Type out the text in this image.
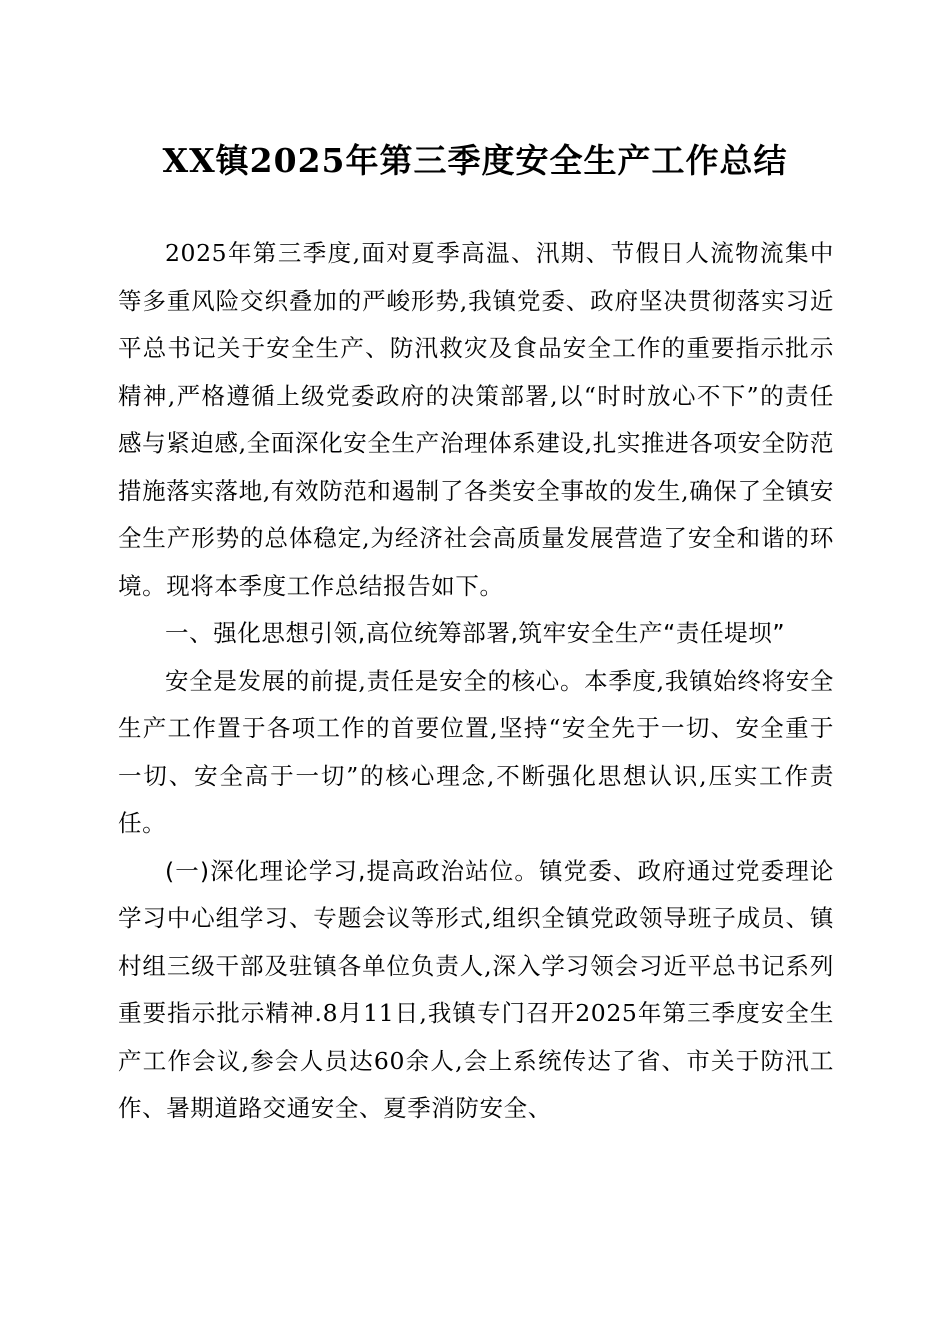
XX镇2025年第三季度安全生产工作总结

2025年第三季度,面对夏季高温、汛期、节假日人流物流集中等多重风险交织叠加的严峻形势,我镇党委、政府坚决贯彻落实习近平总书记关于安全生产、防汛救灾及食品安全工作的重要指示批示精神,严格遵循上级党委政府的决策部署,以“时时放心不下”的责任感与紧迫感,全面深化安全生产治理体系建设,扎实推进各项安全防范措施落实落地,有效防范和遏制了各类安全事故的发生,确保了全镇安全生产形势的总体稳定,为经济社会高质量发展营造了安全和谐的环境。现将本季度工作总结报告如下。

一、强化思想引领,高位统筹部署,筑牢安全生产“责任堤坝”

安全是发展的前提,责任是安全的核心。本季度,我镇始终将安全生产工作置于各项工作的首要位置,坚持“安全先于一切、安全重于一切、安全高于一切”的核心理念,不断强化思想认识,压实工作责任。

(一)深化理论学习,提高政治站位。镇党委、政府通过党委理论学习中心组学习、专题会议等形式,组织全镇党政领导班子成员、镇村组三级干部及驻镇各单位负责人,深入学习领会习近平总书记系列重要指示批示精神.8月11日,我镇专门召开2025年第三季度安全生产工作会议,参会人员达60余人,会上系统传达了省、市关于防汛工作、暑期道路交通安全、夏季消防安全、
